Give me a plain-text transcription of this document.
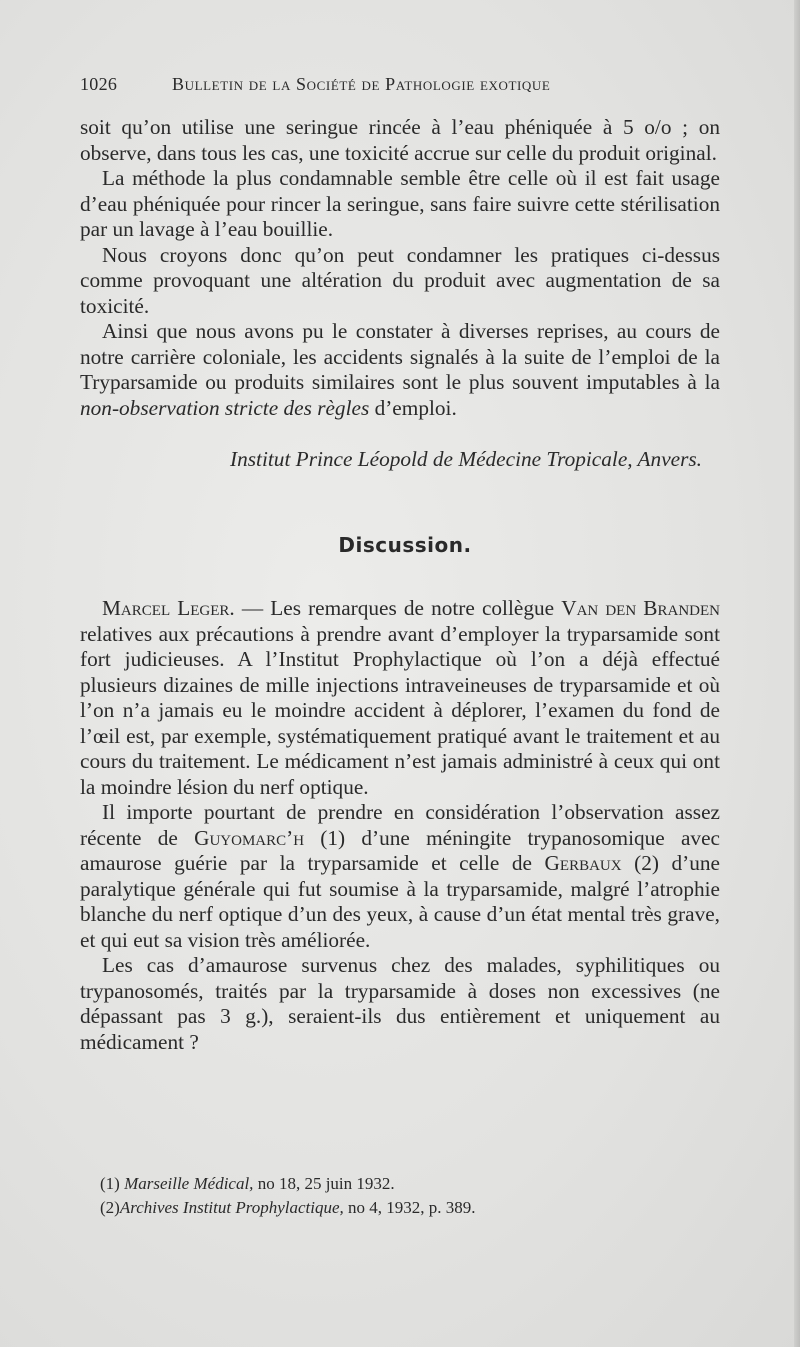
1026	Bulletin de la Société de Pathologie exotique

soit qu’on utilise une seringue rincée à l’eau phéniquée à 5 o/o ; on observe, dans tous les cas, une toxicité accrue sur celle du produit original.

La méthode la plus condamnable semble être celle où il est fait usage d’eau phéniquée pour rincer la seringue, sans faire suivre cette stérilisation par un lavage à l’eau bouillie.

Nous croyons donc qu’on peut condamner les pratiques ci-dessus comme provoquant une altération du produit avec augmentation de sa toxicité.

Ainsi que nous avons pu le constater à diverses reprises, au cours de notre carrière coloniale, les accidents signalés à la suite de l’emploi de la Tryparsamide ou produits similaires sont le plus souvent imputables à la non-observation stricte des règles d’emploi.

Institut Prince Léopold de Médecine Tropicale, Anvers.

Discussion.

Marcel Leger. — Les remarques de notre collègue Van den Branden relatives aux précautions à prendre avant d’employer la tryparsamide sont fort judicieuses. A l’Institut Prophylactique où l’on a déjà effectué plusieurs dizaines de mille injections intraveineuses de tryparsamide et où l’on n’a jamais eu le moindre accident à déplorer, l’examen du fond de l’œil est, par exemple, systématiquement pratiqué avant le traitement et au cours du traitement. Le médicament n’est jamais administré à ceux qui ont la moindre lésion du nerf optique.

Il importe pourtant de prendre en considération l’observation assez récente de Guyomarc’h (1) d’une méningite trypanosomique avec amaurose guérie par la tryparsamide et celle de Gerbaux (2) d’une paralytique générale qui fut soumise à la tryparsamide, malgré l’atrophie blanche du nerf optique d’un des yeux, à cause d’un état mental très grave, et qui eut sa vision très améliorée.

Les cas d’amaurose survenus chez des malades, syphilitiques ou trypanosomés, traités par la tryparsamide à doses non excessives (ne dépassant pas 3 g.), seraient-ils dus entièrement et uniquement au médicament ?

(1) Marseille Médical, no 18, 25 juin 1932.

(2)Archives Institut Prophylactique, no 4, 1932, p. 389.
